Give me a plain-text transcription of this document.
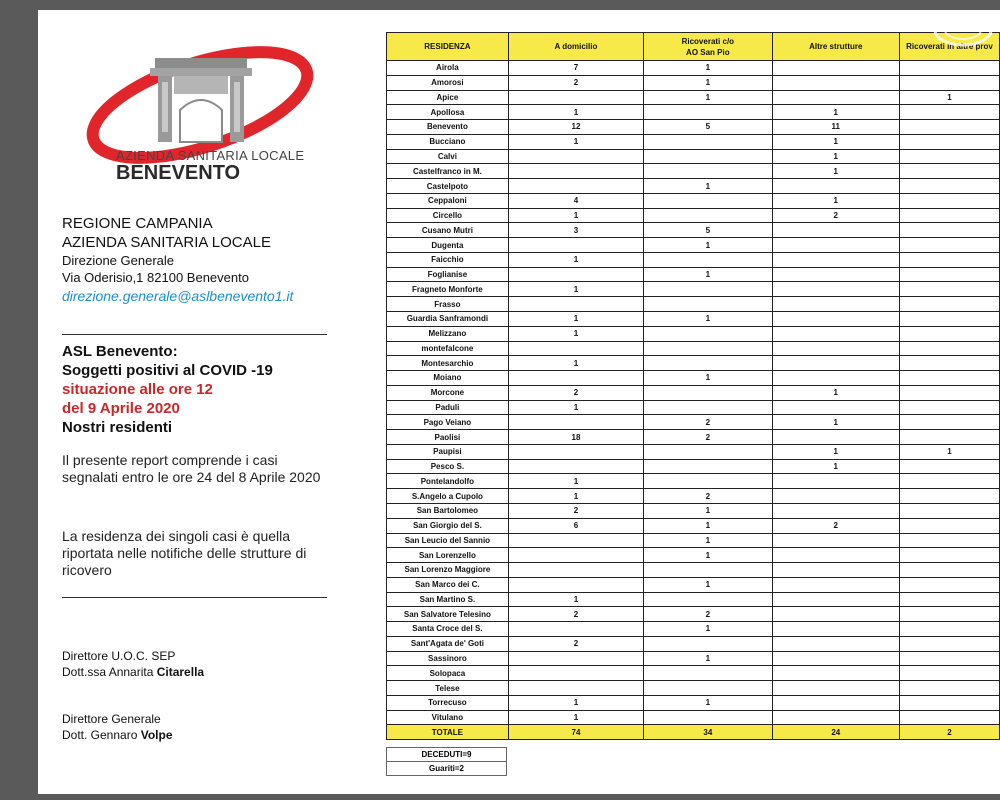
AZIENDA SANITARIA LOCALE
BENEVENTO
REGIONE CAMPANIA
AZIENDA SANITARIA LOCALE
Direzione Generale
Via Oderisio,1 82100 Benevento
direzione.generale@aslbenevento1.it
ASL Benevento:
Soggetti positivi al COVID -19
situazione alle ore 12
del 9 Aprile 2020
Nostri residenti
Il presente report comprende i casi segnalati entro le ore 24 del 8 Aprile 2020
La residenza dei singoli casi è quella riportata nelle notifiche delle strutture di ricovero
Direttore U.O.C. SEP
Dott.ssa Annarita Citarella
Direttore Generale
Dott. Gennaro Volpe
RESIDENZA	A domicilio	Ricoverati c/o
AO San Pio	Altre strutture	Ricoverati in altre prov
Airola	7	1		
Amorosi	2	1		
Apice		1		1
Apollosa	1		1	
Benevento	12	5	11	
Bucciano	1		1	
Calvi			1	
Castelfranco in M.			1	
Castelpoto		1		
Ceppaloni	4		1	
Circello	1		2	
Cusano Mutri	3	5		
Dugenta		1		
Faicchio	1			
Foglianise		1		
Fragneto Monforte	1			
Frasso				
Guardia Sanframondi	1	1		
Melizzano	1			
montefalcone				
Montesarchio	1			
Moiano		1		
Morcone	2		1	
Paduli	1			
Pago Veiano		2	1	
Paolisi	18	2		
Paupisi			1	1
Pesco S.			1	
Pontelandolfo	1			
S.Angelo a Cupolo	1	2		
San Bartolomeo	2	1		
San Giorgio del S.	6	1	2	
San Leucio del Sannio		1		
San Lorenzello		1		
San Lorenzo Maggiore				
San Marco dei C.		1		
San Martino S.	1			
San Salvatore Telesino	2	2		
Santa Croce del S.		1		
Sant'Agata de' Goti	2			
Sassinoro		1		
Solopaca				
Telese				
Torrecuso	1	1		
Vitulano	1			
TOTALE	74	34	24	2
DECEDUTI=9
Guariti=2
